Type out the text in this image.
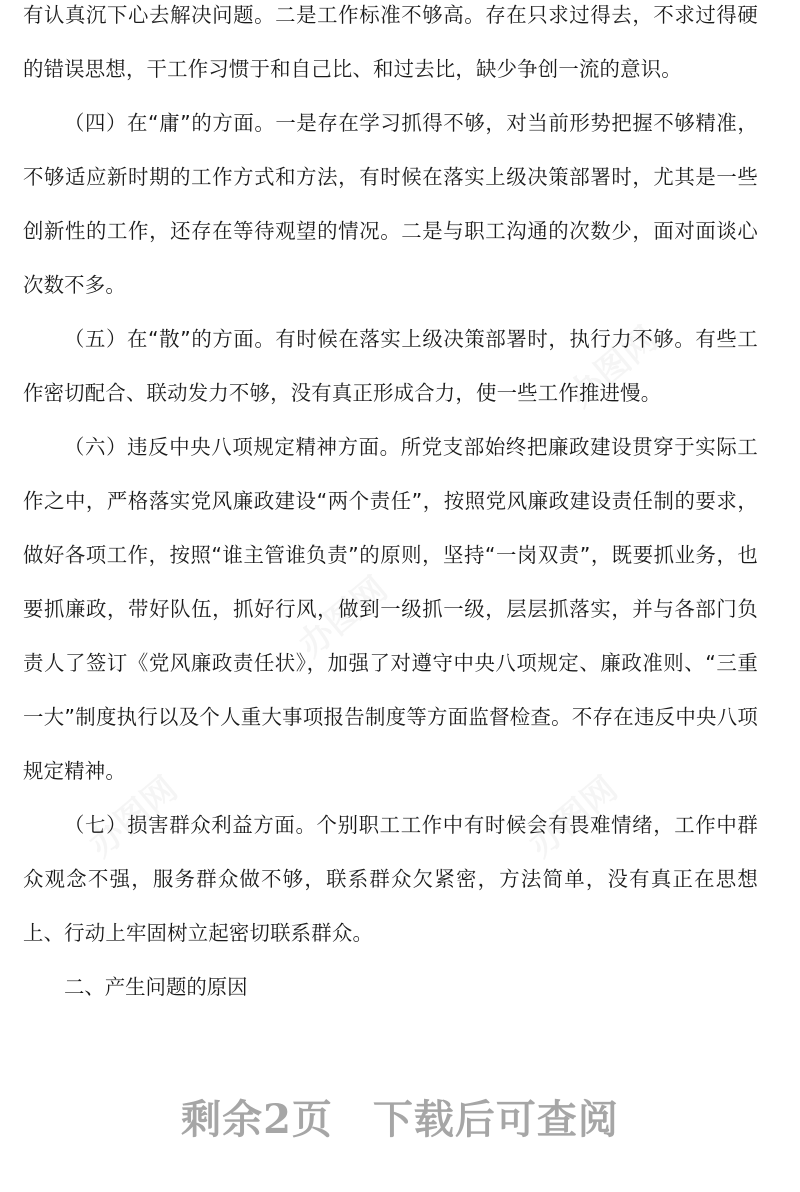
办图网
办图网
办图网	办图网

有认真沉下心去解决问题。二是工作标准不够高。存在只求过得去，不求过得硬的错误思想，干工作习惯于和自己比、和过去比，缺少争创一流的意识。

（四）在“庸”的方面。一是存在学习抓得不够，对当前形势把握不够精准，不够适应新时期的工作方式和方法，有时候在落实上级决策部署时，尤其是一些创新性的工作，还存在等待观望的情况。二是与职工沟通的次数少，面对面谈心次数不多。

（五）在“散”的方面。有时候在落实上级决策部署时，执行力不够。有些工作密切配合、联动发力不够，没有真正形成合力，使一些工作推进慢。

（六）违反中央八项规定精神方面。所党支部始终把廉政建设贯穿于实际工作之中，严格落实党风廉政建设“两个责任”，按照党风廉政建设责任制的要求，做好各项工作，按照“谁主管谁负责”的原则，坚持“一岗双责”，既要抓业务，也要抓廉政，带好队伍，抓好行风，做到一级抓一级，层层抓落实，并与各部门负责人了签订《党风廉政责任状》，加强了对遵守中央八项规定、廉政准则、“三重一大”制度执行以及个人重大事项报告制度等方面监督检查。不存在违反中央八项规定精神。

（七）损害群众利益方面。个别职工工作中有时候会有畏难情绪，工作中群众观念不强，服务群众做不够，联系群众欠紧密，方法简单，没有真正在思想上、行动上牢固树立起密切联系群众。

二、产生问题的原因

剩余2页 下载后可查阅
